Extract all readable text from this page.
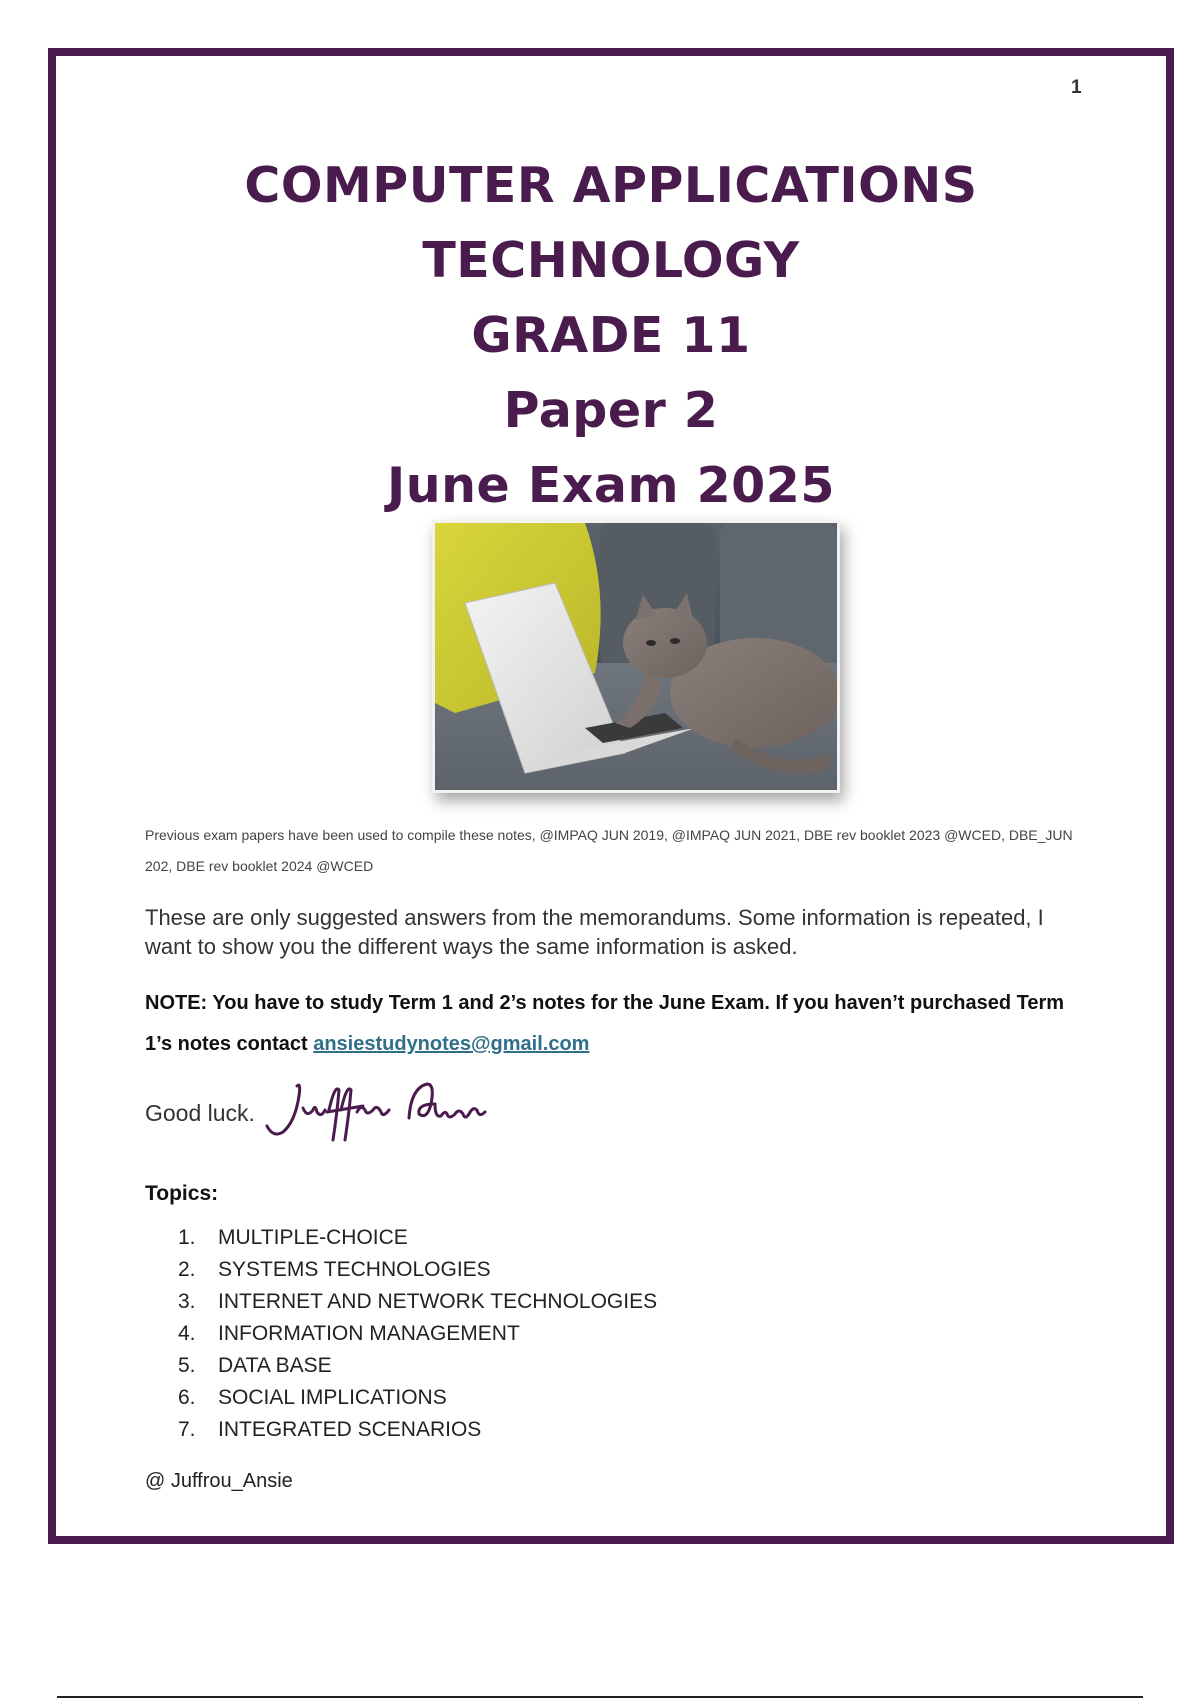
1
COMPUTER APPLICATIONS
TECHNOLOGY
GRADE 11
Paper 2
June Exam 2025
Previous exam papers have been used to compile these notes, @IMPAQ JUN 2019, @IMPAQ JUN 2021, DBE rev booklet 2023 @WCED, DBE_JUN 202, DBE rev booklet 2024 @WCED
These are only suggested answers from the memorandums. Some information is repeated, I want to show you the different ways the same information is asked.
NOTE: You have to study Term 1 and 2’s notes for the June Exam. If you haven’t purchased Term 1’s notes contact ansiestudynotes@gmail.com
Good luck.
Topics:
1. MULTIPLE-CHOICE
2. SYSTEMS TECHNOLOGIES
3. INTERNET AND NETWORK TECHNOLOGIES
4. INFORMATION MANAGEMENT
5. DATA BASE
6. SOCIAL IMPLICATIONS
7. INTEGRATED SCENARIOS
@ Juffrou_Ansie
